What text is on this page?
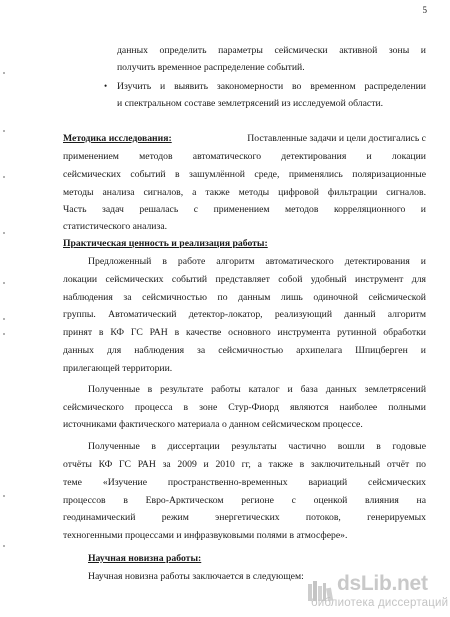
5
данных определить параметры сейсмически активной зоны и
получить временное распределение событий.
• Изучить и выявить закономерности во временном распределении
и спектральном составе землетрясений из исследуемой области.
Методика исследования:	Поставленные задачи и цели достигались с
применением методов автоматического детектирования и локации
сейсмических событий в зашумлённой среде, применялись поляризационные
методы анализа сигналов, а также методы цифровой фильтрации сигналов.
Часть задач решалась с применением методов корреляционного и
статистического анализа.
Практическая ценность и реализация работы:
Предложенный в работе алгоритм автоматического детектирования и
локации сейсмических событий представляет собой удобный инструмент для
наблюдения за сейсмичностью по данным лишь одиночной сейсмической
группы. Автоматический детектор-локатор, реализующий данный алгоритм
принят в КФ ГС РАН в качестве основного инструмента рутинной обработки
данных для наблюдения за сейсмичностью архипелага Шпицберген и
прилегающей территории.
Полученные в результате работы каталог и база данных землетрясений
сейсмического процесса в зоне Стур-Фиорд являются наиболее полными
источниками фактического материала о данном сейсмическом процессе.
Полученные в диссертации результаты частично вошли в годовые
отчёты КФ ГС РАН за 2009 и 2010 гг, а также в заключительный отчёт по
теме «Изучение пространственно-временных вариаций сейсмических
процессов в Евро-Арктическом регионе с оценкой влияния на
геодинамический режим энергетических потоков, генерируемых
техногенными процессами и инфразвуковыми полями в атмосфере».
Научная новизна работы:
Научная новизна работы заключается в следующем: dsLib.net
библиотека диссертаций
